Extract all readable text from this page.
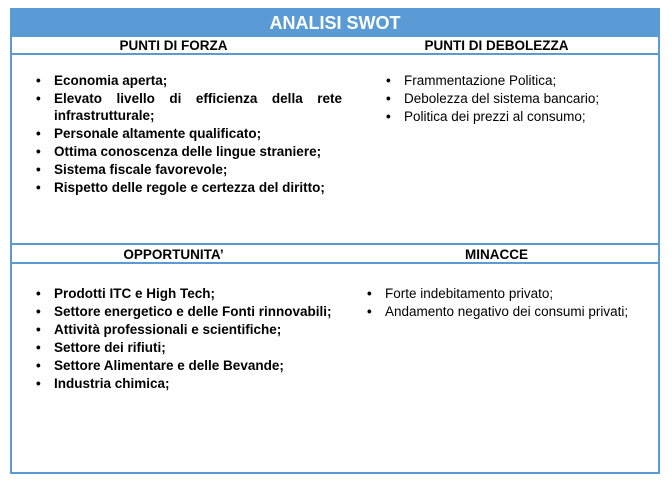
ANALISI SWOT
PUNTI DI FORZA	PUNTI DI DEBOLEZZA
• Economia aperta;
• Elevato livello di efficienza della rete infrastrutturale;
• Personale altamente qualificato;
• Ottima conoscenza delle lingue straniere;
• Sistema fiscale favorevole;
• Rispetto delle regole e certezza del diritto;
• Frammentazione Politica;
• Debolezza del sistema bancario;
• Politica dei prezzi al consumo;
OPPORTUNITA’	MINACCE
• Prodotti ITC e High Tech;
• Settore energetico e delle Fonti rinnovabili;
• Attività professionali e scientifiche;
• Settore dei rifiuti;
• Settore Alimentare e delle Bevande;
• Industria chimica;
• Forte indebitamento privato;
• Andamento negativo dei consumi privati;
